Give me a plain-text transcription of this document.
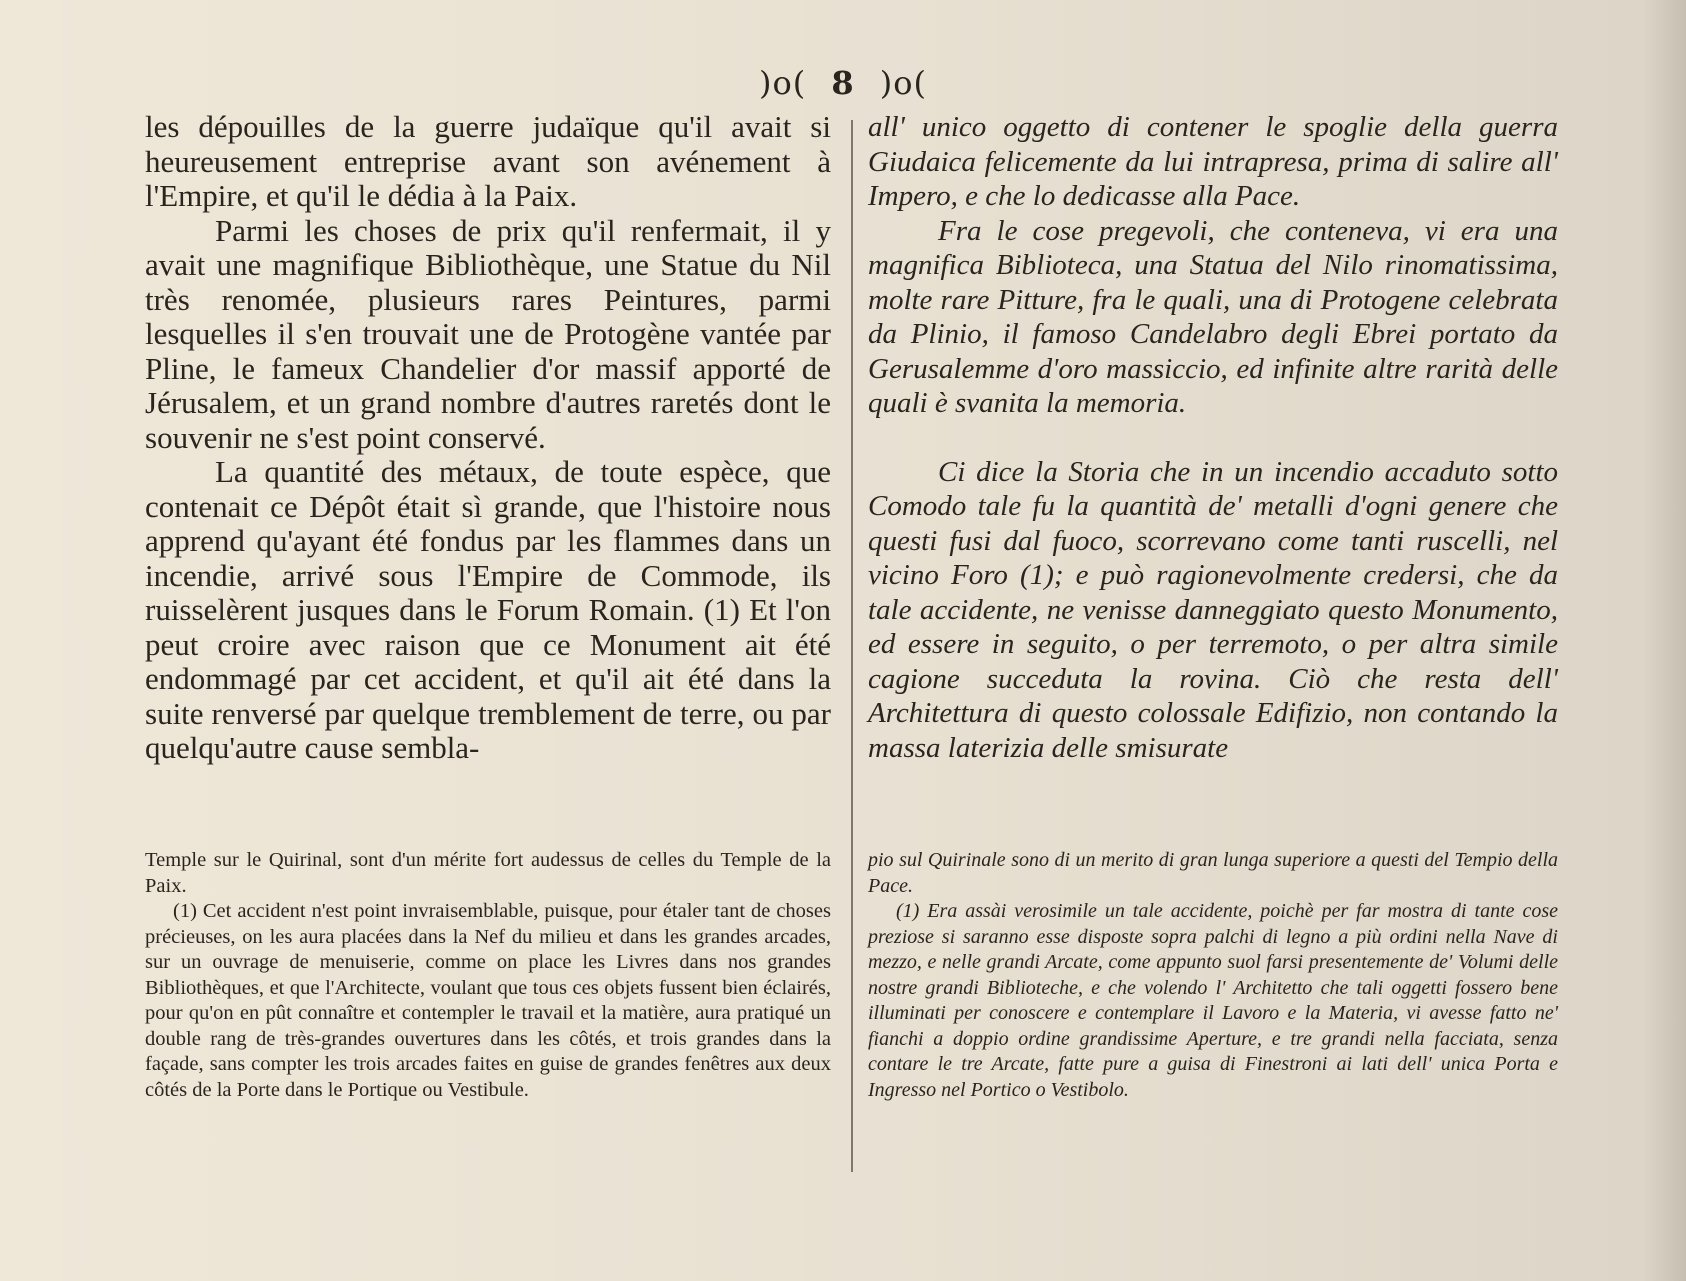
)o( 8 )o(

les dépouilles de la guerre judaïque qu'il avait si heureusement entreprise avant son avénement à l'Empire, et qu'il le dédia à la Paix.

Parmi les choses de prix qu'il renfermait, il y avait une magnifique Bibliothèque, une Statue du Nil très renomée, plusieurs rares Peintures, parmi lesquelles il s'en trouvait une de Protogène vantée par Pline, le fameux Chandelier d'or massif apporté de Jérusalem, et un grand nombre d'autres raretés dont le souvenir ne s'est point conservé.

La quantité des métaux, de toute espèce, que contenait ce Dépôt était sì grande, que l'histoire nous apprend qu'ayant été fondus par les flammes dans un incendie, arrivé sous l'Empire de Commode, ils ruisselèrent jusques dans le Forum Romain. (1) Et l'on peut croire avec raison que ce Monument ait été endommagé par cet accident, et qu'il ait été dans la suite renversé par quelque tremblement de terre, ou par quelqu'autre cause sembla-

all' unico oggetto di contener le spoglie della guerra Giudaica felicemente da lui intrapresa, prima di salire all' Impero, e che lo dedicasse alla Pace.

Fra le cose pregevoli, che conteneva, vi era una magnifica Biblioteca, una Statua del Nilo rinomatissima, molte rare Pitture, fra le quali, una di Protogene celebrata da Plinio, il famoso Candelabro degli Ebrei portato da Gerusalemme d'oro massiccio, ed infinite altre rarità delle quali è svanita la memoria.

Ci dice la Storia che in un incendio accaduto sotto Comodo tale fu la quantità de' metalli d'ogni genere che questi fusi dal fuoco, scorrevano come tanti ruscelli, nel vicino Foro (1); e può ragionevolmente credersi, che da tale accidente, ne venisse danneggiato questo Monumento, ed essere in seguito, o per terremoto, o per altra simile cagione succeduta la rovina. Ciò che resta dell' Architettura di questo colossale Edifizio, non contando la massa laterizia delle smisurate

Temple sur le Quirinal, sont d'un mérite fort audessus de celles du Temple de la Paix.

(1) Cet accident n'est point invraisemblable, puisque, pour étaler tant de choses précieuses, on les aura placées dans la Nef du milieu et dans les grandes arcades, sur un ouvrage de menuiserie, comme on place les Livres dans nos grandes Bibliothèques, et que l'Architecte, voulant que tous ces objets fussent bien éclairés, pour qu'on en pût connaître et contempler le travail et la matière, aura pratiqué un double rang de très-grandes ouvertures dans les côtés, et trois grandes dans la façade, sans compter les trois arcades faites en guise de grandes fenêtres aux deux côtés de la Porte dans le Portique ou Vestibule.

pio sul Quirinale sono di un merito di gran lunga superiore a questi del Tempio della Pace.

(1) Era assài verosimile un tale accidente, poichè per far mostra di tante cose preziose si saranno esse disposte sopra palchi di legno a più ordini nella Nave di mezzo, e nelle grandi Arcate, come appunto suol farsi presentemente de' Volumi delle nostre grandi Biblioteche, e che volendo l' Architetto che tali oggetti fossero bene illuminati per conoscere e contemplare il Lavoro e la Materia, vi avesse fatto ne' fianchi a doppio ordine grandissime Aperture, e tre grandi nella facciata, senza contare le tre Arcate, fatte pure a guisa di Finestroni ai lati dell' unica Porta e Ingresso nel Portico o Vestibolo.
